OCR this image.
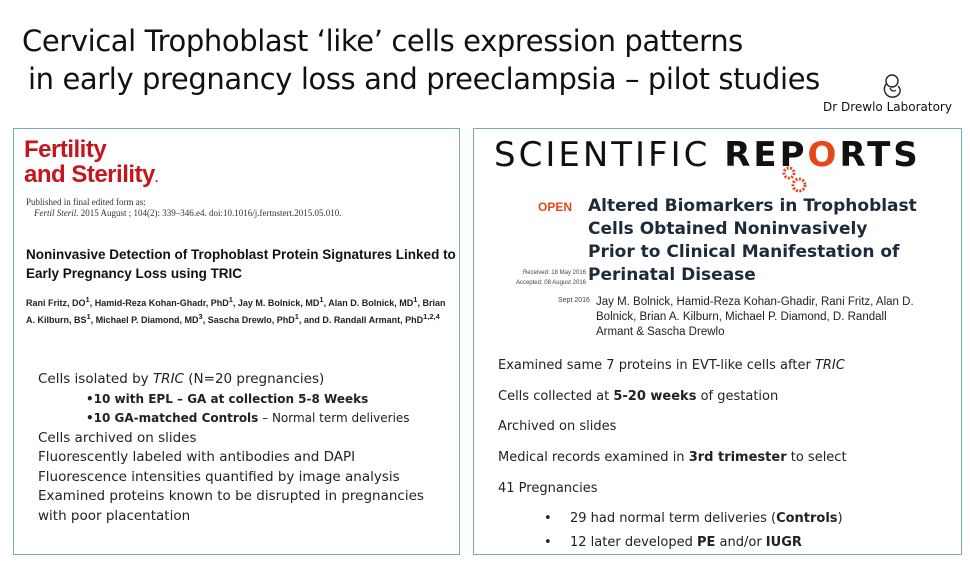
Cervical Trophoblast ‘like’ cells expression patterns
in early pregnancy loss and preeclampsia – pilot studies
Dr Drewlo Laboratory
Fertility
and Sterility.
Published in final edited form as:
Fertil Steril. 2015 August ; 104(2): 339–346.e4. doi:10.1016/j.fertnstert.2015.05.010.
Noninvasive Detection of Trophoblast Protein Signatures Linked to Early Pregnancy Loss using TRIC
Rani Fritz, $DO^1$, Hamid-Reza Kohan-Ghadr, PhD$^1$, Jay M. Bolnick, $MD^1$, Alan D. Bolnick, $MD^1$, Brian A. Kilburn, $BS^1$, Michael P. Diamond, $MD^3$, Sascha Drewlo, PhD$^1$, and D. Randall Armant, PhD$^{1,2,4}$
Cells isolated by TRIC (N=20 pregnancies)
•10 with EPL – GA at collection 5-8 Weeks
•10 GA-matched Controls – Normal term deliveries
Cells archived on slides
Fluorescently labeled with antibodies and DAPI
Fluorescence intensities quantified by image analysis
Examined proteins known to be disrupted in pregnancies
with poor placentation
SCIENTIFIC REPORTS
OPEN Altered Biomarkers in Trophoblast Cells Obtained Noninvasively Prior to Clinical Manifestation of Perinatal Disease
Received: 18 May 2016
Accepted: 08 August 2016
Sept 2016 Jay M. Bolnick, Hamid-Reza Kohan-Ghadir, Rani Fritz, Alan D. Bolnick, Brian A. Kilburn, Michael P. Diamond, D. Randall Armant & Sascha Drewlo
Examined same 7 proteins in EVT-like cells after TRIC
Cells collected at 5-20 weeks of gestation
Archived on slides
Medical records examined in 3rd trimester to select
41 Pregnancies
• 29 had normal term deliveries (Controls)
• 12 later developed PE and/or IUGR
